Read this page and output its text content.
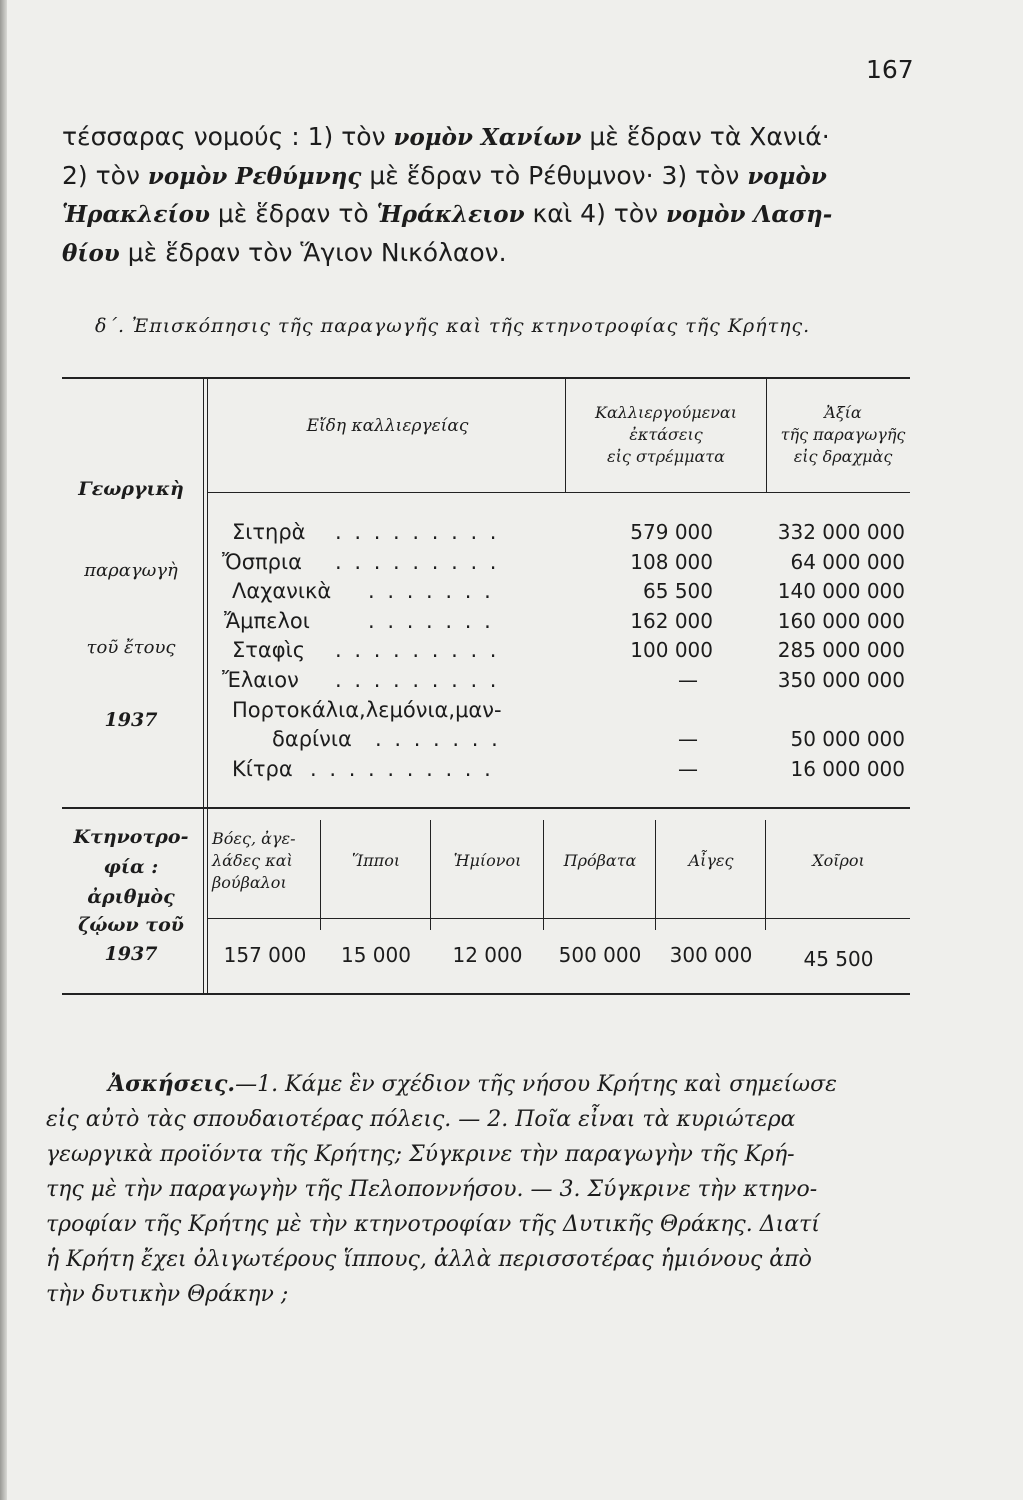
167
τέσσαρας νομούς : 1) τὸν νομὸν Χανίων μὲ ἕδραν τὰ Χανιά·
2) τὸν νομὸν Ρεθύμνης μὲ ἕδραν τὸ Ρέθυμνον· 3) τὸν νομὸν
Ἡρακλείου μὲ ἕδραν τὸ Ἡράκλειον καὶ 4) τὸν νομὸν Λαση-
θίου μὲ ἕδραν τὸν Ἅγιον Νικόλαον.
δ΄. Ἐπισκόπησις τῆς παραγωγῆς καὶ τῆς κτηνοτροφίας τῆς Κρήτης.
Γεωργικὴ
παραγωγὴ
τοῦ ἔτους
1937
Εἴδη καλλιεργείας
Καλλιεργούμεναι
ἐκτάσεις
εἰς στρέμματα
Ἀξία
τῆς παραγωγῆς
εἰς δραχμὰς
Σιτηρὰ . . . . . . . . .	579 000	332 000 000
Ὄσπρια . . . . . . . . .	108 000	64 000 000
Λαχανικὰ . . . . . . .	65 500	140 000 000
Ἄμπελοι	. . . . . . .	162 000	160 000 000
Σταφὶς . . . . . . . . .	100 000	285 000 000
Ἔλαιον . . . . . . . . .	—	350 000 000
Πορτοκάλια,λεμόνια,μαν-
δαρίνια . . . . . . .	—	50 000 000
Κίτρα . . . . . . . . . .	—	16 000 000
Κτηνοτρο-
φία :
ἀριθμὸς
ζῴων τοῦ
1937
Βόες, ἀγε-
λάδες καὶ
βούβαλοι
Ἵπποι	Ἡμίονοι	Πρόβατα	Αἶγες	Χοῖροι
157 000	15 000	12 000	500 000	300 000	45 500
Ἀσκήσεις.—1. Κάμε ἓν σχέδιον τῆς νήσου Κρήτης καὶ σημείωσε
εἰς αὐτὸ τὰς σπουδαιοτέρας πόλεις. — 2. Ποῖα εἶναι τὰ κυριώτερα
γεωργικὰ προϊόντα τῆς Κρήτης; Σύγκρινε τὴν παραγωγὴν τῆς Κρή-
της μὲ τὴν παραγωγὴν τῆς Πελοποννήσου. — 3. Σύγκρινε τὴν κτηνο-
τροφίαν τῆς Κρήτης μὲ τὴν κτηνοτροφίαν τῆς Δυτικῆς Θράκης. Διατί
ἡ Κρήτη ἔχει ὀλιγωτέρους ἵππους, ἀλλὰ περισσοτέρας ἡμιόνους ἀπὸ
τὴν δυτικὴν Θράκην ;
